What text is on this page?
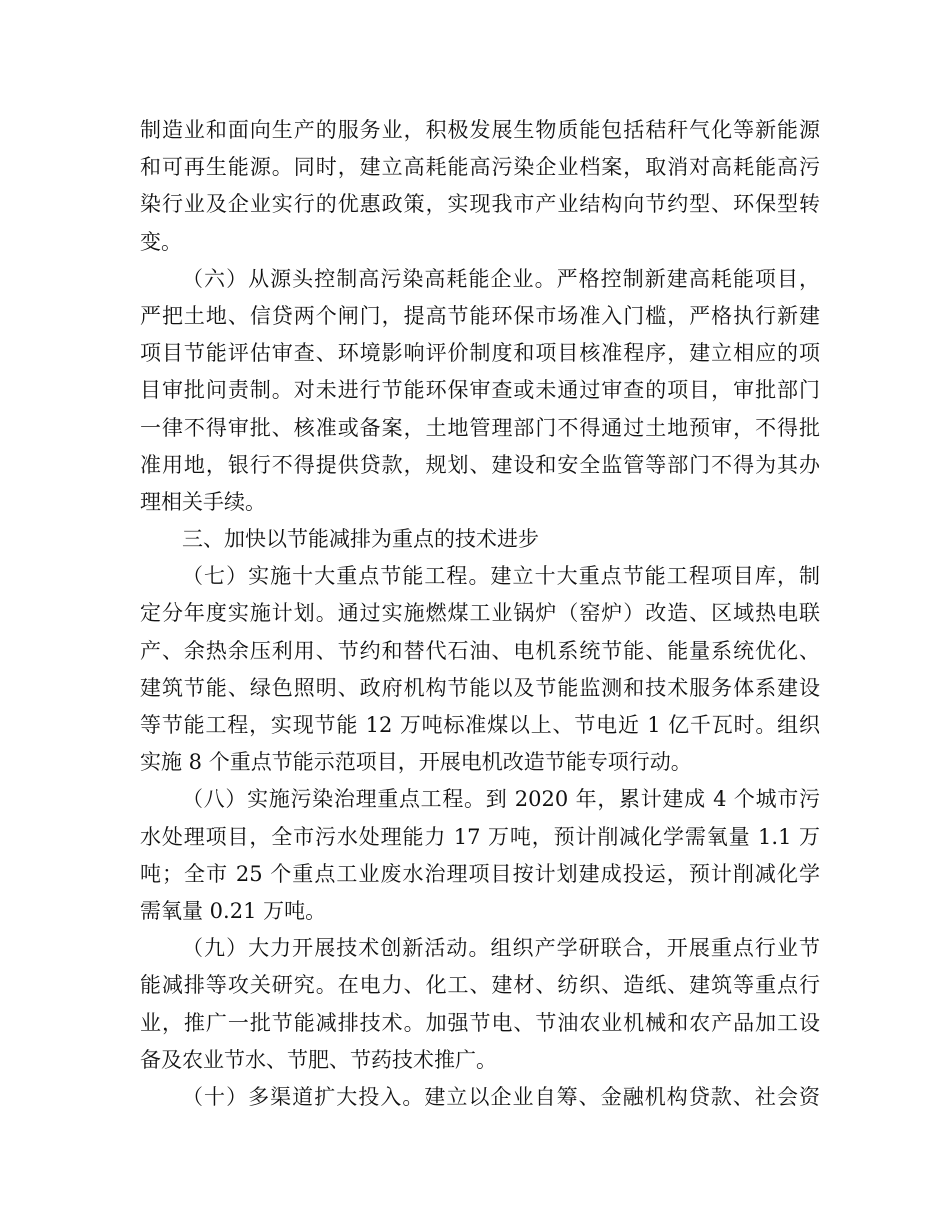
制造业和面向生产的服务业，积极发展生物质能包括秸秆气化等新能源
和可再生能源。同时，建立高耗能高污染企业档案，取消对高耗能高污
染行业及企业实行的优惠政策，实现我市产业结构向节约型、环保型转
变。
（六）从源头控制高污染高耗能企业。严格控制新建高耗能项目，
严把土地、信贷两个闸门，提高节能环保市场准入门槛，严格执行新建
项目节能评估审查、环境影响评价制度和项目核准程序，建立相应的项
目审批问责制。对未进行节能环保审查或未通过审查的项目，审批部门
一律不得审批、核准或备案，土地管理部门不得通过土地预审，不得批
准用地，银行不得提供贷款，规划、建设和安全监管等部门不得为其办
理相关手续。
三、加快以节能减排为重点的技术进步
（七）实施十大重点节能工程。建立十大重点节能工程项目库，制
定分年度实施计划。通过实施燃煤工业锅炉（窑炉）改造、区域热电联
产、余热余压利用、节约和替代石油、电机系统节能、能量系统优化、
建筑节能、绿色照明、政府机构节能以及节能监测和技术服务体系建设
等节能工程，实现节能 12 万吨标准煤以上、节电近 1 亿千瓦时。组织
实施 8 个重点节能示范项目，开展电机改造节能专项行动。
（八）实施污染治理重点工程。到 2020 年，累计建成 4 个城市污
水处理项目，全市污水处理能力 17 万吨，预计削减化学需氧量 1.1 万
吨；全市 25 个重点工业废水治理项目按计划建成投运，预计削减化学
需氧量 0.21 万吨。
（九）大力开展技术创新活动。组织产学研联合，开展重点行业节
能减排等攻关研究。在电力、化工、建材、纺织、造纸、建筑等重点行
业，推广一批节能减排技术。加强节电、节油农业机械和农产品加工设
备及农业节水、节肥、节药技术推广。
（十）多渠道扩大投入。建立以企业自筹、金融机构贷款、社会资
